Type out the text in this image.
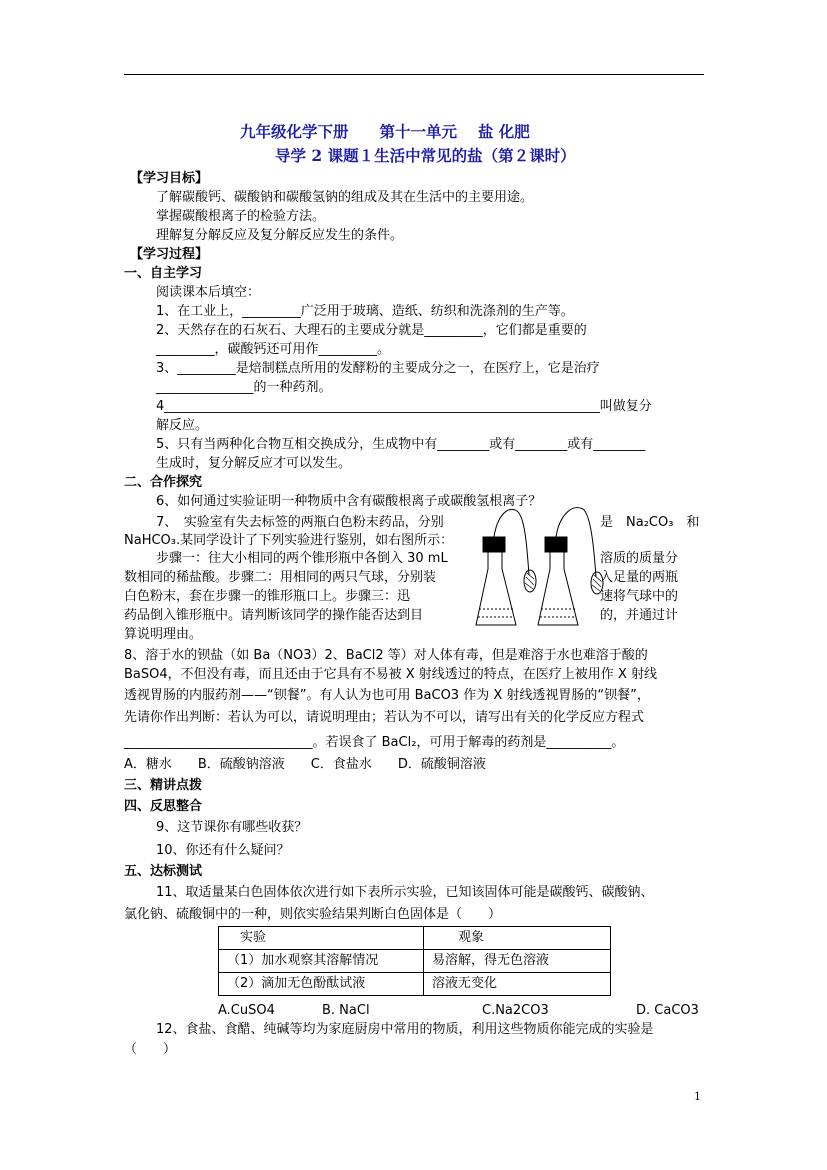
九年级化学下册　　第十一单元　 盐 化肥
导学 2 课题１生活中常见的盐（第２课时）
【学习目标】
了解碳酸钙、碳酸钠和碳酸氢钠的组成及其在生活中的主要用途。
掌握碳酸根离子的检验方法。
理解复分解反应及复分解反应发生的条件。
【学习过程】
一、自主学习
阅读课本后填空：
1、在工业上，_________广泛用于玻璃、造纸、纺织和洗涤剂的生产等。
2、天然存在的石灰石、大理石的主要成分就是_________，它们都是重要的
_________，碳酸钙还可用作_________。
3、_________是焙制糕点所用的发酵粉的主要成分之一，在医疗上，它是治疗
_______________的一种药剂。
4___________________________________________________________________叫做复分
解反应。
5、只有当两种化合物互相交换成分，生成物中有________或有________或有________
生成时，复分解反应才可以发生。
二、合作探究
6、如何通过实验证明一种物质中含有碳酸根离子或碳酸氢根离子？
7、　实验室有失去标签的两瓶白色粉末药品，分别	是　Na₂CO₃　和
NaHCO₃.某同学设计了下列实验进行鉴别，如右图所示：
步骤一：往大小相同的两个锥形瓶中各倒入 30 mL	溶质的质量分
数相同的稀盐酸。步骤二：用相同的两只气球，分别装	入足量的两瓶
白色粉末，套在步骤一的锥形瓶口上。步骤三：迅	速将气球中的
药品倒入锥形瓶中。请判断该同学的操作能否达到目	的，并通过计
算说明理由。
8、溶于水的钡盐（如 Ba（NO3）2、BaCl2 等）对人体有毒，但是难溶于水也难溶于酸的
BaSO4，不但没有毒，而且还由于它具有不易被 X 射线透过的特点，在医疗上被用作 X 射线
透视胃肠的内服药剂——“钡餐”。有人认为也可用 BaCO3 作为 X 射线透视胃肠的“钡餐”，
先请你作出判断：若认为可以，请说明理由；若认为不可以，请写出有关的化学反应方程式
_____________________________。若误食了 BaCl₂，可用于解毒的药剂是__________。
A．糖水　　B．硫酸钠溶液　　C．食盐水　　D．硫酸铜溶液
三、精讲点拨
四、反思整合
9、这节课你有哪些收获？
10、你还有什么疑问？
五、达标测试
11、取适量某白色固体依次进行如下表所示实验，已知该固体可能是碳酸钙、碳酸钠、
氯化钠、硫酸铜中的一种，则依实验结果判断白色固体是（　　）
　实验	　　观象
（1）加水观察其溶解情况	易溶解，得无色溶液
（2）滴加无色酚酞试液	溶液无变化
A.CuSO4	B. NaCl	C.Na2CO3	D. CaCO3
12、食盐、食醋、纯碱等均为家庭厨房中常用的物质，利用这些物质你能完成的实验是
（　　）
1
